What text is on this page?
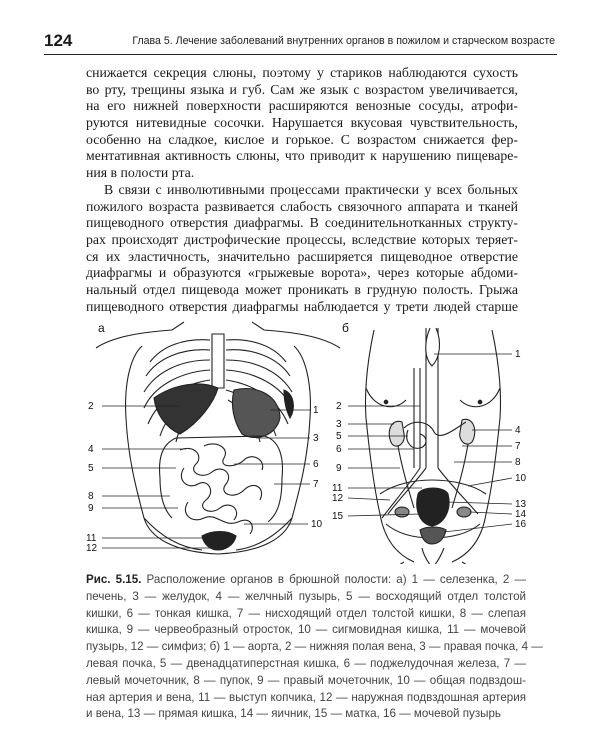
124	Глава 5. Лечение заболеваний внутренних органов в пожилом и старческом возрасте
снижается секреция слюны, поэтому у стариков наблюдаются сухость
во рту, трещины языка и губ. Сам же язык с возрастом увеличивается,
на его нижней поверхности расширяются венозные сосуды, атрофи-
руются нитевидные сосочки. Нарушается вкусовая чувствительность,
особенно на сладкое, кислое и горькое. С возрастом снижается фер-
ментативная активность слюны, что приводит к нарушению пищеваре-
ния в полости рта.
В связи с инволютивными процессами практически у всех больных
пожилого возраста развивается слабость связочного аппарата и тканей
пищеводного отверстия диафрагмы. В соединительнотканных структу-
рах происходят дистрофические процессы, вследствие которых теряет-
ся их эластичность, значительно расширяется пищеводное отверстие
диафрагмы и образуются «грыжевые ворота», через которые абдоми-
нальный отдел пищевода может проникать в грудную полость. Грыжа
пищеводного отверстия диафрагмы наблюдается у трети людей старше
а
2
4
5
8
9
11
12
1
3
6
7
10
б
2
3
5
6
9
11
12
15
1
4
7
8
10
13
14
16
Рис. 5.15. Расположение органов в брюшной полости: а) 1 — селезенка, 2 —
печень, 3 — желудок, 4 — желчный пузырь, 5 — восходящий отдел толстой
кишки, 6 — тонкая кишка, 7 — нисходящий отдел толстой кишки, 8 — слепая
кишка, 9 — червеобразный отросток, 10 — сигмовидная кишка, 11 — мочевой
пузырь, 12 — симфиз; б) 1 — аорта, 2 — нижняя полая вена, 3 — правая почка, 4 —
левая почка, 5 — двенадцатиперстная кишка, 6 — поджелудочная железа, 7 —
левый мочеточник, 8 — пупок, 9 — правый мочеточник, 10 — общая подвздош-
ная артерия и вена, 11 — выступ копчика, 12 — наружная подвздошная артерия
и вена, 13 — прямая кишка, 14 — яичник, 15 — матка, 16 — мочевой пузырь
